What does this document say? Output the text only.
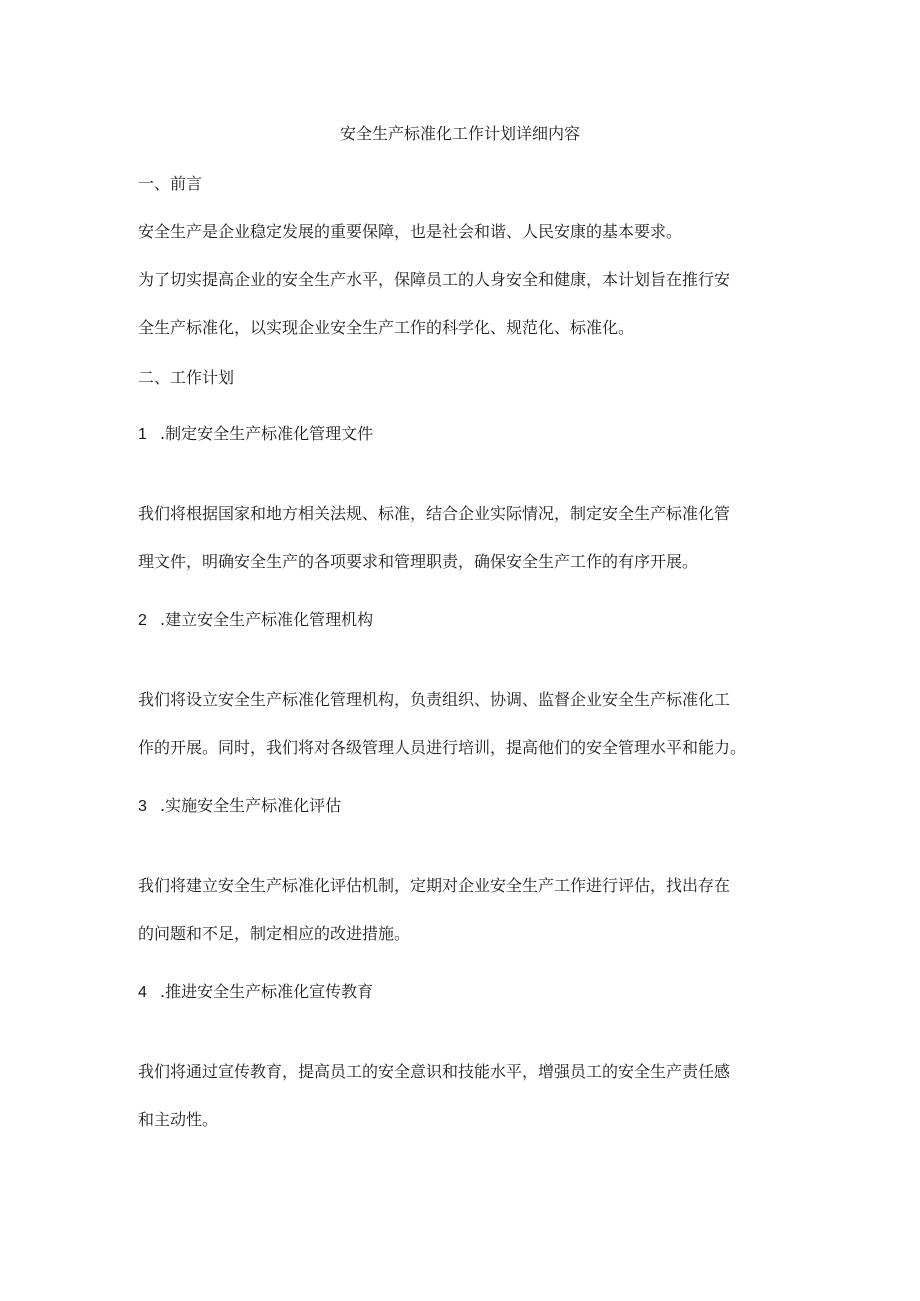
安全生产标准化工作计划详细内容
一、前言
安全生产是企业稳定发展的重要保障，也是社会和谐、人民安康的基本要求。
为了切实提高企业的安全生产水平，保障员工的人身安全和健康，本计划旨在推行安
全生产标准化，以实现企业安全生产工作的科学化、规范化、标准化。
二、工作计划
1 .制定安全生产标准化管理文件
我们将根据国家和地方相关法规、标准，结合企业实际情况，制定安全生产标准化管
理文件，明确安全生产的各项要求和管理职责，确保安全生产工作的有序开展。
2 .建立安全生产标准化管理机构
我们将设立安全生产标准化管理机构，负责组织、协调、监督企业安全生产标准化工
作的开展。同时，我们将对各级管理人员进行培训，提高他们的安全管理水平和能力。
3 .实施安全生产标准化评估
我们将建立安全生产标准化评估机制，定期对企业安全生产工作进行评估，找出存在
的问题和不足，制定相应的改进措施。
4 .推进安全生产标准化宣传教育
我们将通过宣传教育，提高员工的安全意识和技能水平，增强员工的安全生产责任感
和主动性。
